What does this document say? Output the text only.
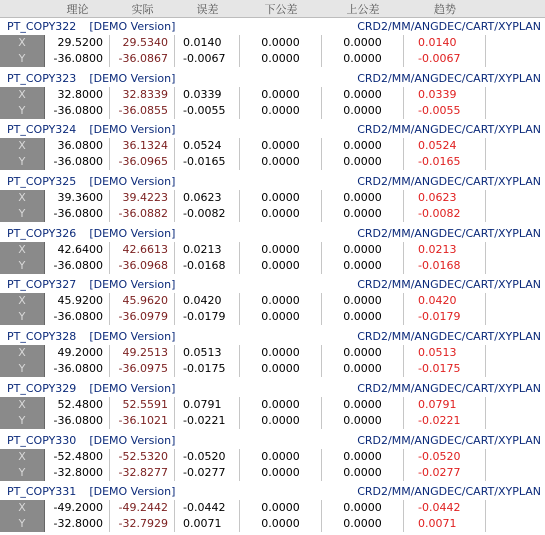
理论	实际	误差	下公差	上公差	趋势
PT_COPY322 [DEMO Version]	CRD2/MM/ANGDEC/CART/XYPLAN
X	29.5200	29.5340	0.0140	0.0000	0.0000	0.0140
Y	-36.0800	-36.0867	-0.0067	0.0000	0.0000	-0.0067
PT_COPY323 [DEMO Version]	CRD2/MM/ANGDEC/CART/XYPLAN
X	32.8000	32.8339	0.0339	0.0000	0.0000	0.0339
Y	-36.0800	-36.0855	-0.0055	0.0000	0.0000	-0.0055
PT_COPY324 [DEMO Version]	CRD2/MM/ANGDEC/CART/XYPLAN
X	36.0800	36.1324	0.0524	0.0000	0.0000	0.0524
Y	-36.0800	-36.0965	-0.0165	0.0000	0.0000	-0.0165
PT_COPY325 [DEMO Version]	CRD2/MM/ANGDEC/CART/XYPLAN
X	39.3600	39.4223	0.0623	0.0000	0.0000	0.0623
Y	-36.0800	-36.0882	-0.0082	0.0000	0.0000	-0.0082
PT_COPY326 [DEMO Version]	CRD2/MM/ANGDEC/CART/XYPLAN
X	42.6400	42.6613	0.0213	0.0000	0.0000	0.0213
Y	-36.0800	-36.0968	-0.0168	0.0000	0.0000	-0.0168
PT_COPY327 [DEMO Version]	CRD2/MM/ANGDEC/CART/XYPLAN
X	45.9200	45.9620	0.0420	0.0000	0.0000	0.0420
Y	-36.0800	-36.0979	-0.0179	0.0000	0.0000	-0.0179
PT_COPY328 [DEMO Version]	CRD2/MM/ANGDEC/CART/XYPLAN
X	49.2000	49.2513	0.0513	0.0000	0.0000	0.0513
Y	-36.0800	-36.0975	-0.0175	0.0000	0.0000	-0.0175
PT_COPY329 [DEMO Version]	CRD2/MM/ANGDEC/CART/XYPLAN
X	52.4800	52.5591	0.0791	0.0000	0.0000	0.0791
Y	-36.0800	-36.1021	-0.0221	0.0000	0.0000	-0.0221
PT_COPY330 [DEMO Version]	CRD2/MM/ANGDEC/CART/XYPLAN
X	-52.4800	-52.5320	-0.0520	0.0000	0.0000	-0.0520
Y	-32.8000	-32.8277	-0.0277	0.0000	0.0000	-0.0277
PT_COPY331 [DEMO Version]	CRD2/MM/ANGDEC/CART/XYPLAN
X	-49.2000	-49.2442	-0.0442	0.0000	0.0000	-0.0442
Y	-32.8000	-32.7929	0.0071	0.0000	0.0000	0.0071
